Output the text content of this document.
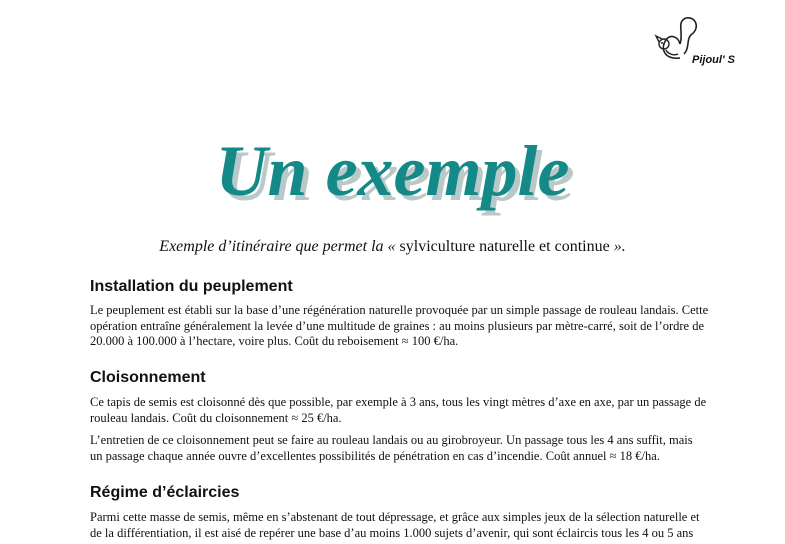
Pijoul' S
Un exemple
Exemple d’itinéraire que permet la « sylviculture naturelle et continue ».
Installation du peuplement
Le peuplement est établi sur la base d’une régénération naturelle provoquée par un simple passage de rouleau landais. Cette
opération entraîne généralement la levée d’une multitude de graines : au moins plusieurs par mètre-carré, soit de l’ordre de
20.000 à 100.000 à l’hectare, voire plus. Coût du reboisement ≈ 100 €/ha.
Cloisonnement
Ce tapis de semis est cloisonné dès que possible, par exemple à 3 ans, tous les vingt mètres d’axe en axe, par un passage de
rouleau landais. Coût du cloisonnement ≈ 25 €/ha.
L’entretien de ce cloisonnement peut se faire au rouleau landais ou au girobroyeur. Un passage tous les 4 ans suffit, mais
un passage chaque année ouvre d’excellentes possibilités de pénétration en cas d’incendie. Coût annuel ≈ 18 €/ha.
Régime d’éclaircies
Parmi cette masse de semis, même en s’abstenant de tout dépressage, et grâce aux simples jeux de la sélection naturelle et
de la différentiation, il est aisé de repérer une base d’au moins 1.000 sujets d’avenir, qui sont éclaircis tous les 4 ou 5 ans
